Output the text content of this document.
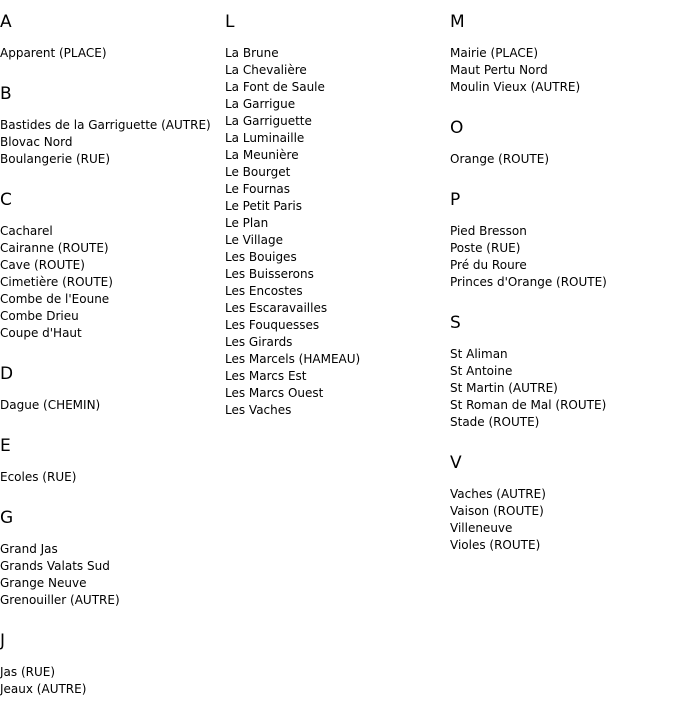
A
Apparent (PLACE)
B
Bastides de la Garriguette (AUTRE)
Blovac Nord
Boulangerie (RUE)
C
Cacharel
Cairanne (ROUTE)
Cave (ROUTE)
Cimetière (ROUTE)
Combe de l'Eoune
Combe Drieu
Coupe d'Haut
D
Dague (CHEMIN)
E
Ecoles (RUE)
G
Grand Jas
Grands Valats Sud
Grange Neuve
Grenouiller (AUTRE)
J
Jas (RUE)
Jeaux (AUTRE)
L
La Brune
La Chevalière
La Font de Saule
La Garrigue
La Garriguette
La Luminaille
La Meunière
Le Bourget
Le Fournas
Le Petit Paris
Le Plan
Le Village
Les Bouiges
Les Buisserons
Les Encostes
Les Escaravailles
Les Fouquesses
Les Girards
Les Marcels (HAMEAU)
Les Marcs Est
Les Marcs Ouest
Les Vaches
M
Mairie (PLACE)
Maut Pertu Nord
Moulin Vieux (AUTRE)
O
Orange (ROUTE)
P
Pied Bresson
Poste (RUE)
Pré du Roure
Princes d'Orange (ROUTE)
S
St Aliman
St Antoine
St Martin (AUTRE)
St Roman de Mal (ROUTE)
Stade (ROUTE)
V
Vaches (AUTRE)
Vaison (ROUTE)
Villeneuve
Violes (ROUTE)
